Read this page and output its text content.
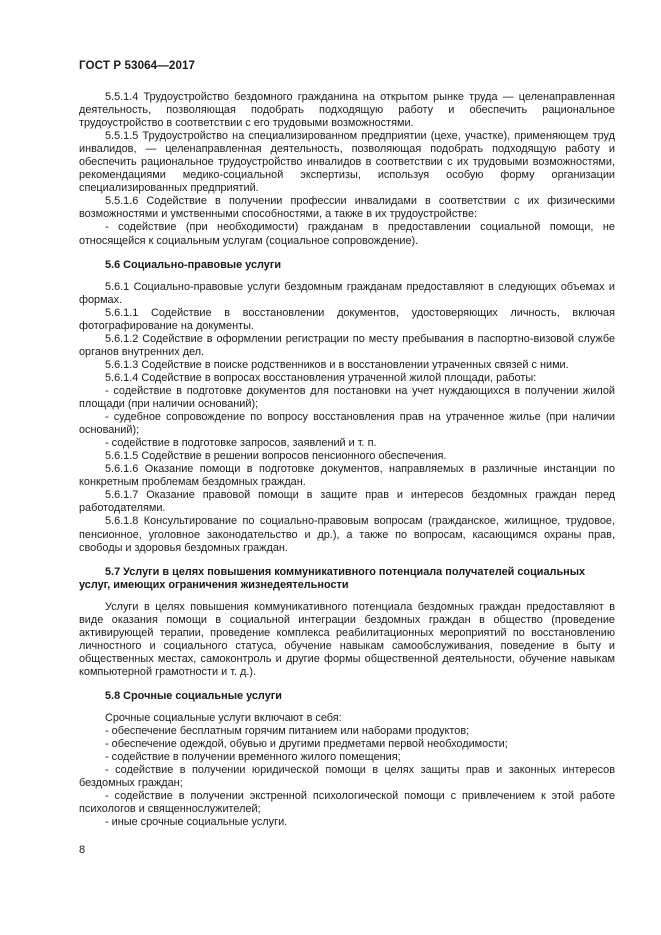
ГОСТ Р 53064—2017

5.5.1.4 Трудоустройство бездомного гражданина на открытом рынке труда — целенаправленная деятельность, позволяющая подобрать подходящую работу и обеспечить рациональное трудоустройство в соответствии с его трудовыми возможностями.

5.5.1.5 Трудоустройство на специализированном предприятии (цехе, участке), применяющем труд инвалидов, — целенаправленная деятельность, позволяющая подобрать подходящую работу и обеспечить рациональное трудоустройство инвалидов в соответствии с их трудовыми возможностями, рекомендациями медико-социальной экспертизы, используя особую форму организации специализированных предприятий.

5.5.1.6 Содействие в получении профессии инвалидами в соответствии с их физическими возможностями и умственными способностями, а также в их трудоустройстве:

- содействие (при необходимости) гражданам в предоставлении социальной помощи, не относящейся к социальным услугам (социальное сопровождение).

5.6 Социально-правовые услуги

5.6.1 Социально-правовые услуги бездомным гражданам предоставляют в следующих объемах и формах.

5.6.1.1 Содействие в восстановлении документов, удостоверяющих личность, включая фотографирование на документы.

5.6.1.2 Содействие в оформлении регистрации по месту пребывания в паспортно-визовой службе органов внутренних дел.

5.6.1.3 Содействие в поиске родственников и в восстановлении утраченных связей с ними.

5.6.1.4 Содействие в вопросах восстановления утраченной жилой площади, работы:

- содействие в подготовке документов для постановки на учет нуждающихся в получении жилой площади (при наличии оснований);

- судебное сопровождение по вопросу восстановления прав на утраченное жилье (при наличии оснований);

- содействие в подготовке запросов, заявлений и т. п.

5.6.1.5 Содействие в решении вопросов пенсионного обеспечения.

5.6.1.6 Оказание помощи в подготовке документов, направляемых в различные инстанции по конкретным проблемам бездомных граждан.

5.6.1.7 Оказание правовой помощи в защите прав и интересов бездомных граждан перед работодателями.

5.6.1.8 Консультирование по социально-правовым вопросам (гражданское, жилищное, трудовое, пенсионное, уголовное законодательство и др.), а также по вопросам, касающимся охраны прав, свободы и здоровья бездомных граждан.

5.7 Услуги в целях повышения коммуникативного потенциала получателей социальных услуг, имеющих ограничения жизнедеятельности

Услуги в целях повышения коммуникативного потенциала бездомных граждан предоставляют в виде оказания помощи в социальной интеграции бездомных граждан в общество (проведение активирующей терапии, проведение комплекса реабилитационных мероприятий по восстановлению личностного и социального статуса, обучение навыкам самообслуживания, поведение в быту и общественных местах, самоконтроль и другие формы общественной деятельности, обучение навыкам компьютерной грамотности и т. д.).

5.8 Срочные социальные услуги

Срочные социальные услуги включают в себя:

- обеспечение бесплатным горячим питанием или наборами продуктов;

- обеспечение одеждой, обувью и другими предметами первой необходимости;

- содействие в получении временного жилого помещения;

- содействие в получении юридической помощи в целях защиты прав и законных интересов бездомных граждан;

- содействие в получении экстренной психологической помощи с привлечением к этой работе психологов и священнослужителей;

- иные срочные социальные услуги.

8
